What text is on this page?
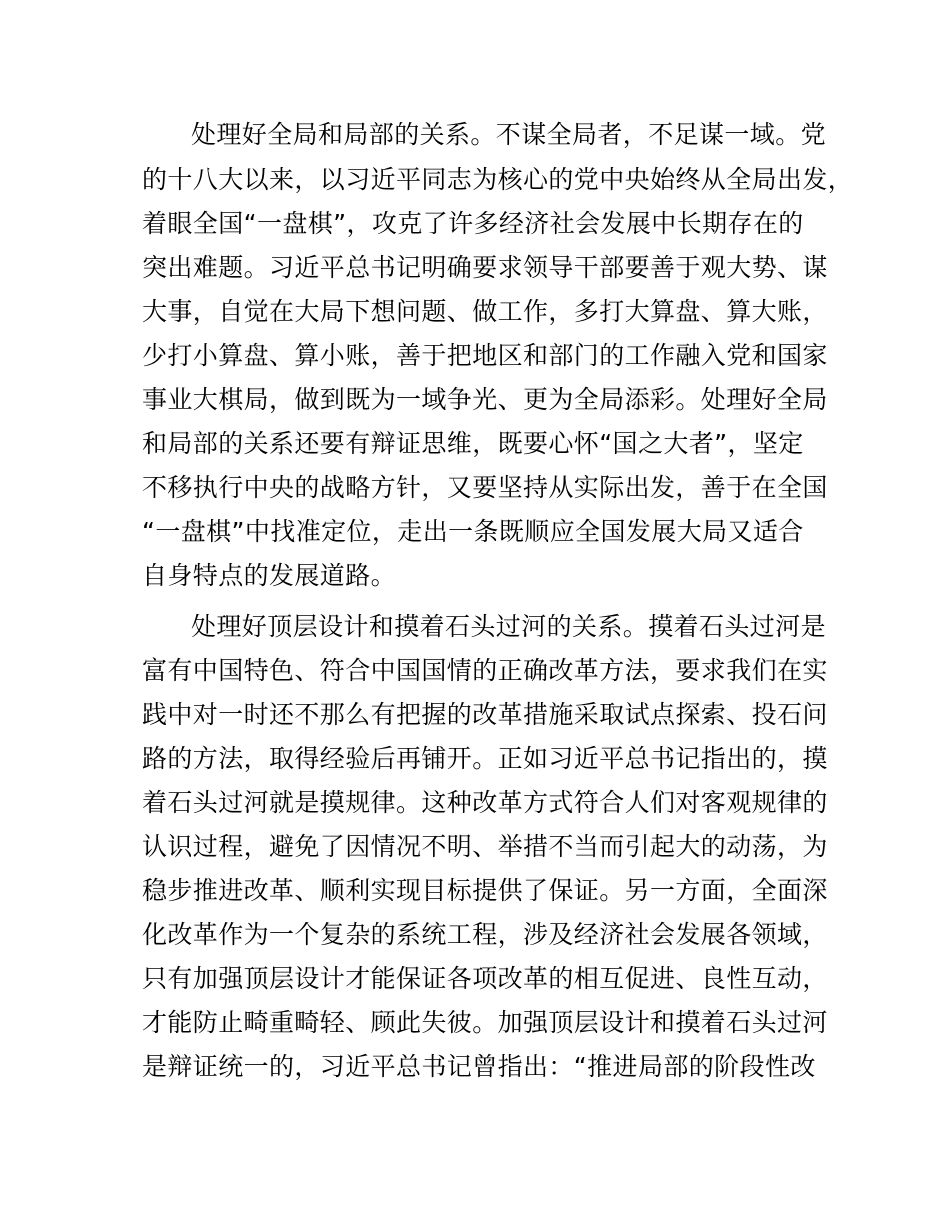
处理好全局和局部的关系。不谋全局者，不足谋一域。党
的十八大以来，以习近平同志为核心的党中央始终从全局出发，
着眼全国“一盘棋”，攻克了许多经济社会发展中长期存在的
突出难题。习近平总书记明确要求领导干部要善于观大势、谋
大事，自觉在大局下想问题、做工作，多打大算盘、算大账，
少打小算盘、算小账，善于把地区和部门的工作融入党和国家
事业大棋局，做到既为一域争光、更为全局添彩。处理好全局
和局部的关系还要有辩证思维，既要心怀“国之大者”，坚定
不移执行中央的战略方针，又要坚持从实际出发，善于在全国
“一盘棋”中找准定位，走出一条既顺应全国发展大局又适合
自身特点的发展道路。
处理好顶层设计和摸着石头过河的关系。摸着石头过河是
富有中国特色、符合中国国情的正确改革方法，要求我们在实
践中对一时还不那么有把握的改革措施采取试点探索、投石问
路的方法，取得经验后再铺开。正如习近平总书记指出的，摸
着石头过河就是摸规律。这种改革方式符合人们对客观规律的
认识过程，避免了因情况不明、举措不当而引起大的动荡，为
稳步推进改革、顺利实现目标提供了保证。另一方面，全面深
化改革作为一个复杂的系统工程，涉及经济社会发展各领域，
只有加强顶层设计才能保证各项改革的相互促进、良性互动，
才能防止畸重畸轻、顾此失彼。加强顶层设计和摸着石头过河
是辩证统一的，习近平总书记曾指出：“推进局部的阶段性改
